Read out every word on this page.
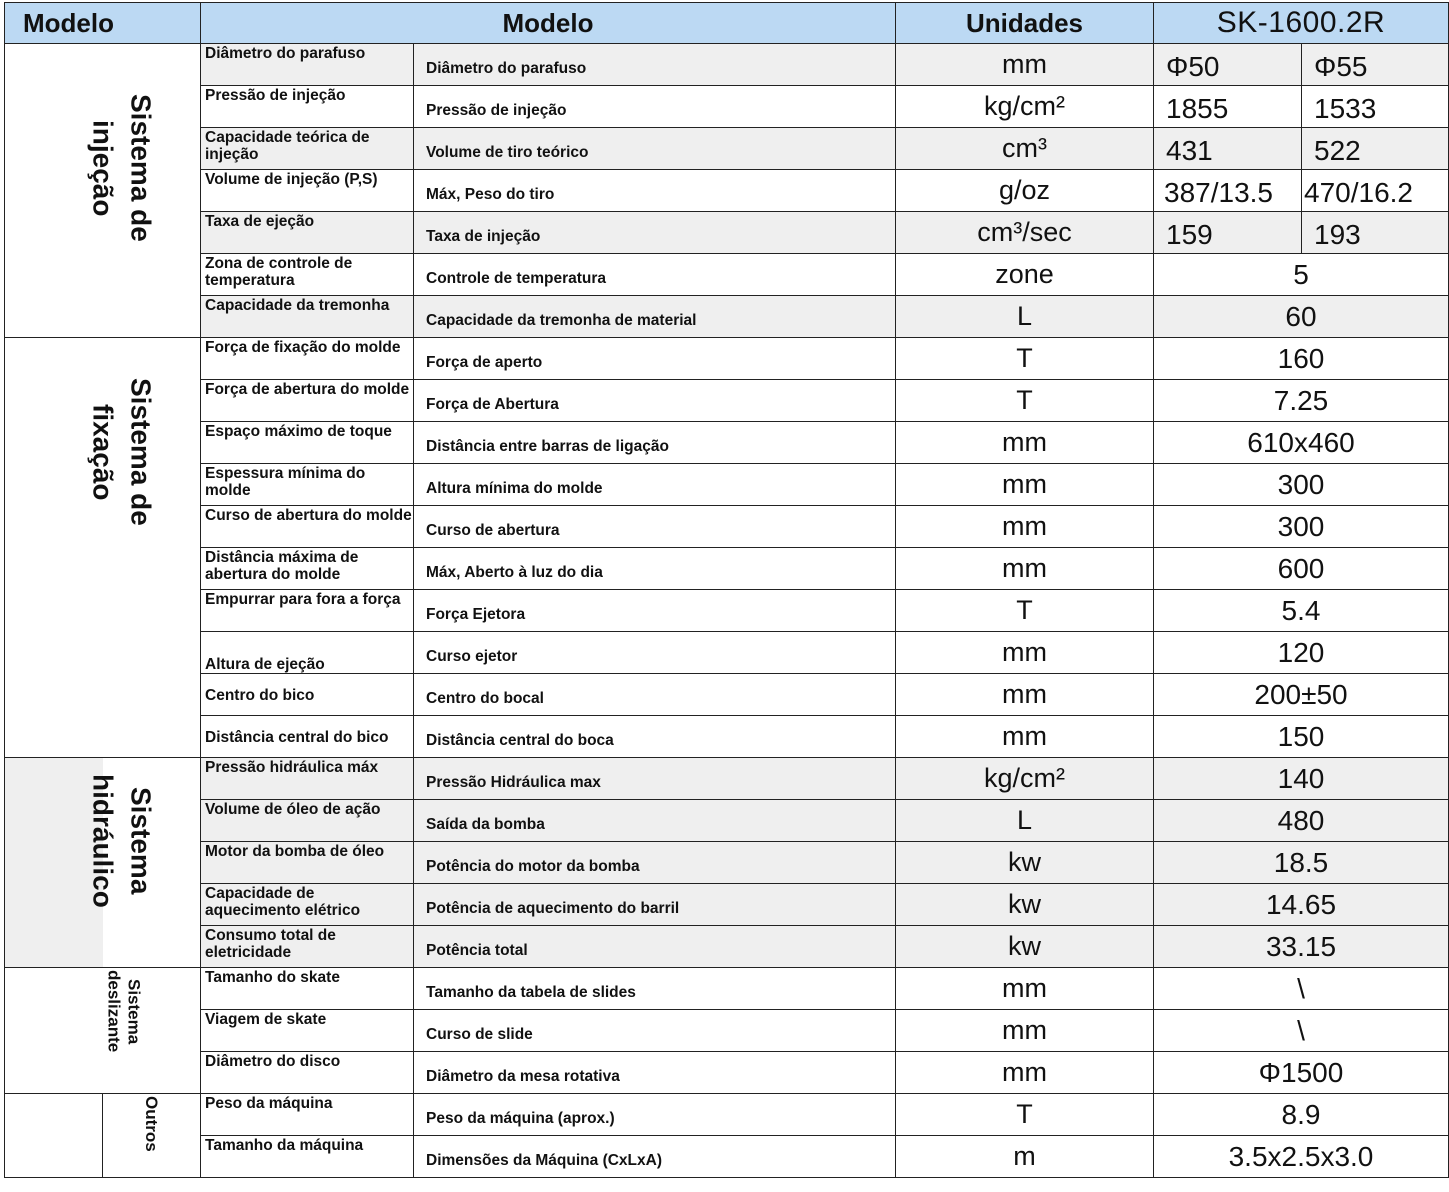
Modelo		Modelo		Unidades	SK-1600.2R	
	Sistema de
injeção	Diâmetro do parafuso	Diâmetro do parafuso	mm	Φ50	Φ55
		Pressão de injeção	Pressão de injeção	kg/cm²	1855	1533
		Capacidade teórica de injeção	Volume de tiro teórico	cm³	431	522
		Volume de injeção (P,S)	Máx, Peso do tiro	g/oz	387/13.5	470/16.2
		Taxa de ejeção	Taxa de injeção	cm³/sec	159	193
		Zona de controle de temperatura	Controle de temperatura	zone	5	
		Capacidade da tremonha	Capacidade da tremonha de material	L	60	
	Sistema de
fixação	Força de fixação do molde	Força de aperto	T	160	
		Força de abertura do molde	Força de Abertura	T	7.25	
		Espaço máximo de toque	Distância entre barras de ligação	mm	610x460	
		Espessura mínima do molde	Altura mínima do molde	mm	300	
		Curso de abertura do molde	Curso de abertura	mm	300	
		Distância máxima de abertura do molde	Máx, Aberto à luz do dia	mm	600	
		Empurrar para fora a força	Força Ejetora	T	5.4	
		Altura de ejeção	Curso ejetor	mm	120	
		Centro do bico	Centro do bocal	mm	200±50	
		Distância central do bico	Distância central do boca	mm	150	
	Sistema
hidráulico	Pressão hidráulica máx	Pressão Hidráulica max	kg/cm²	140	
		Volume de óleo de ação	Saída da bomba	L	480	
		Motor da bomba de óleo	Potência do motor da bomba	kw	18.5	
		Capacidade de aquecimento elétrico	Potência de aquecimento do barril	kw	14.65	
		Consumo total de eletricidade	Potência total	kw	33.15	
	Sistema
deslizante	Tamanho do skate	Tamanho da tabela de slides	mm	\	
		Viagem de skate	Curso de slide	mm	\	
		Diâmetro do disco	Diâmetro da mesa rotativa	mm	Φ1500	
	Outros	Peso da máquina	Peso da máquina (aprox.)	T	8.9	
		Tamanho da máquina	Dimensões da Máquina (CxLxA)	m	3.5x2.5x3.0	
